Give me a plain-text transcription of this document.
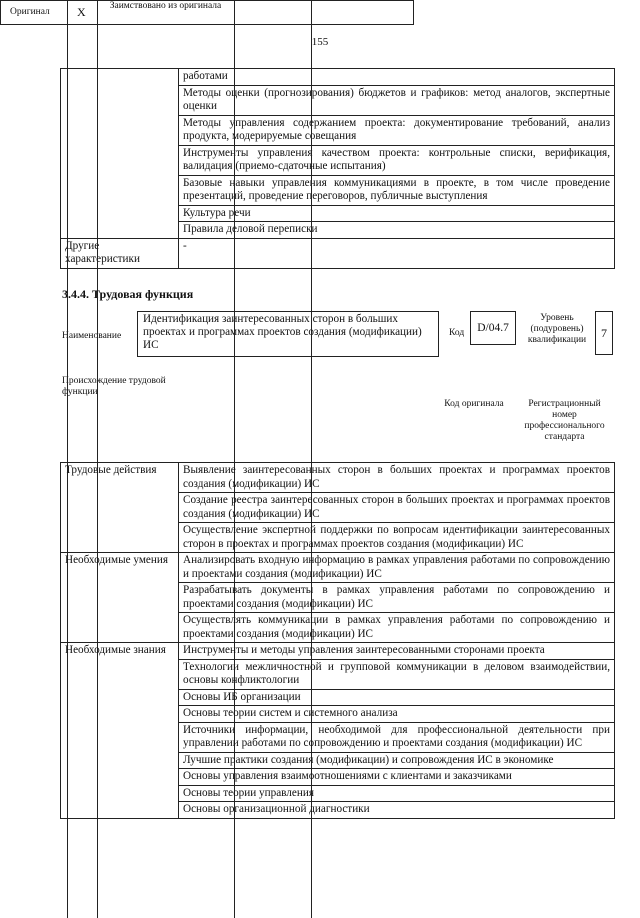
155
	работами
	Методы оценки (прогнозирования) бюджетов и графиков: метод аналогов, экспертные оценки
	Методы управления содержанием проекта: документирование требований, анализ продукта, модерируемые совещания
	Инструменты управления качеством проекта: контрольные списки, верификация, валидация (приемо-сдаточные испытания)
	Базовые навыки управления коммуникациями в проекте, в том числе проведение презентаций, проведение переговоров, публичные выступления
	Культура речи
	Правила деловой переписки
Другие характеристики	-
3.4.4. Трудовая функция
Наименование
Идентификация заинтересованных сторон в больших проектах и программах проектов создания (модификации) ИС
Код	D/04.7
Уровень (подуровень) квалификации
7
Происхождение трудовой функции
Оригинал X	Заимствовано из оригинала
Код оригинала	Регистрационный номер профессионального стандарта
Трудовые действия	Выявление заинтересованных сторон в больших проектах и программах проектов создания (модификации) ИС
	Создание реестра заинтересованных сторон в больших проектах и программах проектов создания (модификации) ИС
	Осуществление экспертной поддержки по вопросам идентификации заинтересованных сторон в проектах и программах проектов создания (модификации) ИС
Необходимые умения	Анализировать входную информацию в рамках управления работами по сопровождению и проектами создания (модификации) ИС
	Разрабатывать документы в рамках управления работами по сопровождению и проектами создания (модификации) ИС
	Осуществлять коммуникации в рамках управления работами по сопровождению и проектами создания (модификации) ИС
Необходимые знания	Инструменты и методы управления заинтересованными сторонами проекта
	Технологии межличностной и групповой коммуникации в деловом взаимодействии, основы конфликтологии
	Основы ИБ организации
	Основы теории систем и системного анализа
	Источники информации, необходимой для профессиональной деятельности при управлении работами по сопровождению и проектами создания (модификации) ИС
	Лучшие практики создания (модификации) и сопровождения ИС в экономике
	Основы управления взаимоотношениями с клиентами и заказчиками
	Основы теории управления
	Основы организационной диагностики
